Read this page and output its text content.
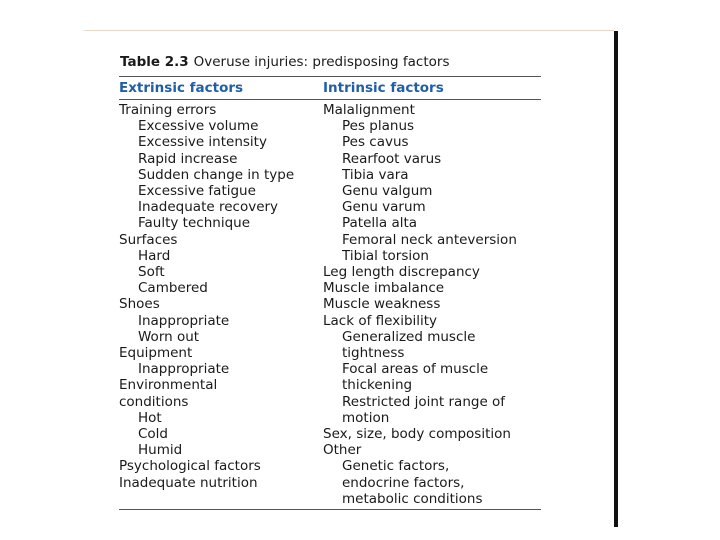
Table 2.3 Overuse injuries: predisposing factors
Extrinsic factors	Intrinsic factors
Training errors
Excessive volume
Excessive intensity
Rapid increase
Sudden change in type
Excessive fatigue
Inadequate recovery
Faulty technique
Surfaces
Hard
Soft
Cambered
Shoes
Inappropriate
Worn out
Equipment
Inappropriate
Environmental
conditions
Hot
Cold
Humid
Psychological factors
Inadequate nutrition
Malalignment
Pes planus
Pes cavus
Rearfoot varus
Tibia vara
Genu valgum
Genu varum
Patella alta
Femoral neck anteversion
Tibial torsion
Leg length discrepancy
Muscle imbalance
Muscle weakness
Lack of flexibility
Generalized muscle
tightness
Focal areas of muscle
thickening
Restricted joint range of
motion
Sex, size, body composition
Other
Genetic factors,
endocrine factors,
metabolic conditions
